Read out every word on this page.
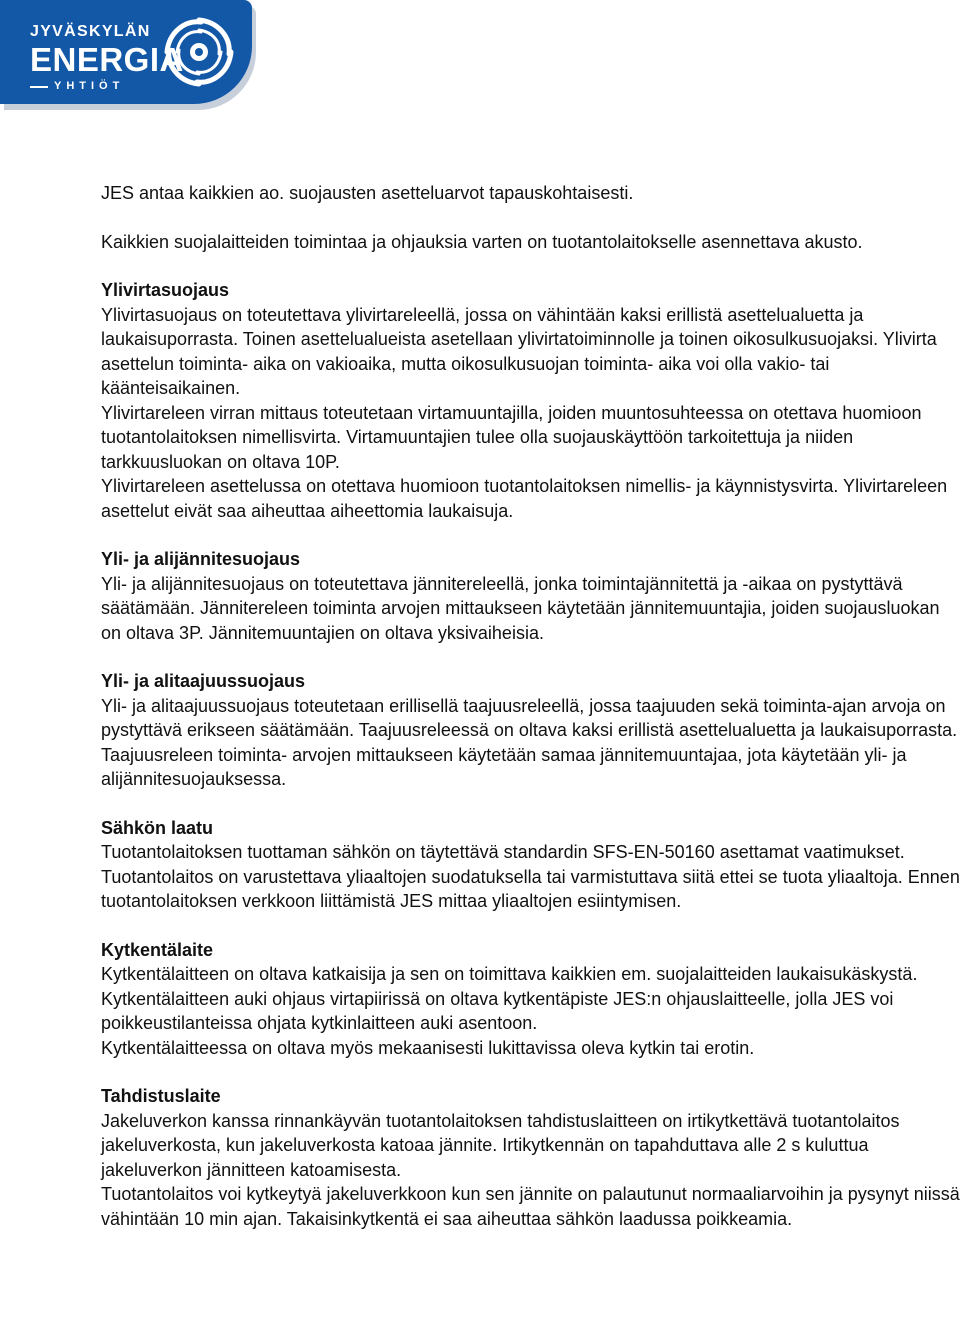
JYVÄSKYLÄN
ENERGIA
YHTIÖT

JES antaa kaikkien ao. suojausten asetteluarvot tapauskohtaisesti.

Kaikkien suojalaitteiden toimintaa ja ohjauksia varten on tuotantolaitokselle asennettava akusto.

Ylivirtasuojaus

Ylivirtasuojaus on toteutettava ylivirtareleellä, jossa on vähintään kaksi erillistä asettelualuetta ja laukaisuporrasta. Toinen asettelualueista asetellaan ylivirtatoiminnolle ja toinen oikosulkusuojaksi. Ylivirta asettelun toiminta- aika on vakioaika, mutta oikosulkusuojan toiminta- aika voi olla vakio- tai käänteisaikainen.

Ylivirtareleen virran mittaus toteutetaan virtamuuntajilla, joiden muuntosuhteessa on otettava huomioon tuotantolaitoksen nimellisvirta. Virtamuuntajien tulee olla suojauskäyttöön tarkoitettuja ja niiden tarkkuusluokan on oltava 10P.

Ylivirtareleen asettelussa on otettava huomioon tuotantolaitoksen nimellis- ja käynnistysvirta. Ylivirtareleen asettelut eivät saa aiheuttaa aiheettomia laukaisuja.

Yli- ja alijännitesuojaus

Yli- ja alijännitesuojaus on toteutettava jännitereleellä, jonka toimintajännitettä ja -aikaa on pystyttävä säätämään. Jännitereleen toiminta arvojen mittaukseen käytetään jännitemuuntajia, joiden suojausluokan on oltava 3P. Jännitemuuntajien on oltava yksivaiheisia.

Yli- ja alitaajuussuojaus

Yli- ja alitaajuussuojaus toteutetaan erillisellä taajuusreleellä, jossa taajuuden sekä toiminta-ajan arvoja on pystyttävä erikseen säätämään. Taajuusreleessä on oltava kaksi erillistä asettelualuetta ja laukaisuporrasta. Taajuusreleen toiminta- arvojen mittaukseen käytetään samaa jännitemuuntajaa, jota käytetään yli- ja alijännitesuojauksessa.

Sähkön laatu

Tuotantolaitoksen tuottaman sähkön on täytettävä standardin SFS-EN-50160 asettamat vaatimukset.

Tuotantolaitos on varustettava yliaaltojen suodatuksella tai varmistuttava siitä ettei se tuota yliaaltoja. Ennen tuotantolaitoksen verkkoon liittämistä JES mittaa yliaaltojen esiintymisen.

Kytkentälaite

Kytkentälaitteen on oltava katkaisija ja sen on toimittava kaikkien em. suojalaitteiden laukaisukäskystä.

Kytkentälaitteen auki ohjaus virtapiirissä on oltava kytkentäpiste JES:n ohjauslaitteelle, jolla JES voi poikkeustilanteissa ohjata kytkinlaitteen auki asentoon.

Kytkentälaitteessa on oltava myös mekaanisesti lukittavissa oleva kytkin tai erotin.

Tahdistuslaite

Jakeluverkon kanssa rinnankäyvän tuotantolaitoksen tahdistuslaitteen on irtikytkettävä tuotantolaitos jakeluverkosta, kun jakeluverkosta katoaa jännite. Irtikytkennän on tapahduttava alle 2 s kuluttua jakeluverkon jännitteen katoamisesta.

Tuotantolaitos voi kytkeytyä jakeluverkkoon kun sen jännite on palautunut normaaliarvoihin ja pysynyt niissä vähintään 10 min ajan. Takaisinkytkentä ei saa aiheuttaa sähkön laadussa poikkeamia.
